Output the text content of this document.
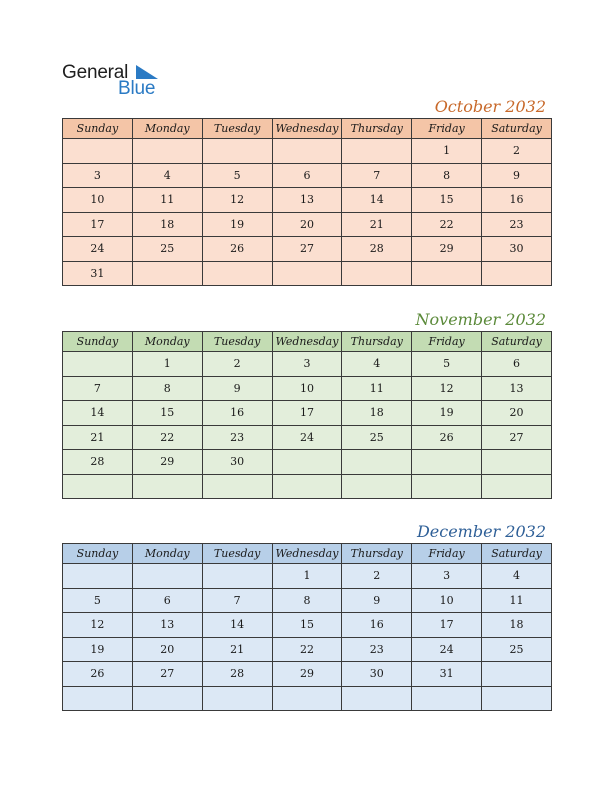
General
Blue
October 2032
Sunday	Monday	Tuesday	Wednesday	Thursday	Friday	Saturday
					1	2
3	4	5	6	7	8	9
10	11	12	13	14	15	16
17	18	19	20	21	22	23
24	25	26	27	28	29	30
31						
November 2032
Sunday	Monday	Tuesday	Wednesday	Thursday	Friday	Saturday
	1	2	3	4	5	6
7	8	9	10	11	12	13
14	15	16	17	18	19	20
21	22	23	24	25	26	27
28	29	30				

December 2032
Sunday	Monday	Tuesday	Wednesday	Thursday	Friday	Saturday
			1	2	3	4
5	6	7	8	9	10	11
12	13	14	15	16	17	18
19	20	21	22	23	24	25
26	27	28	29	30	31	
